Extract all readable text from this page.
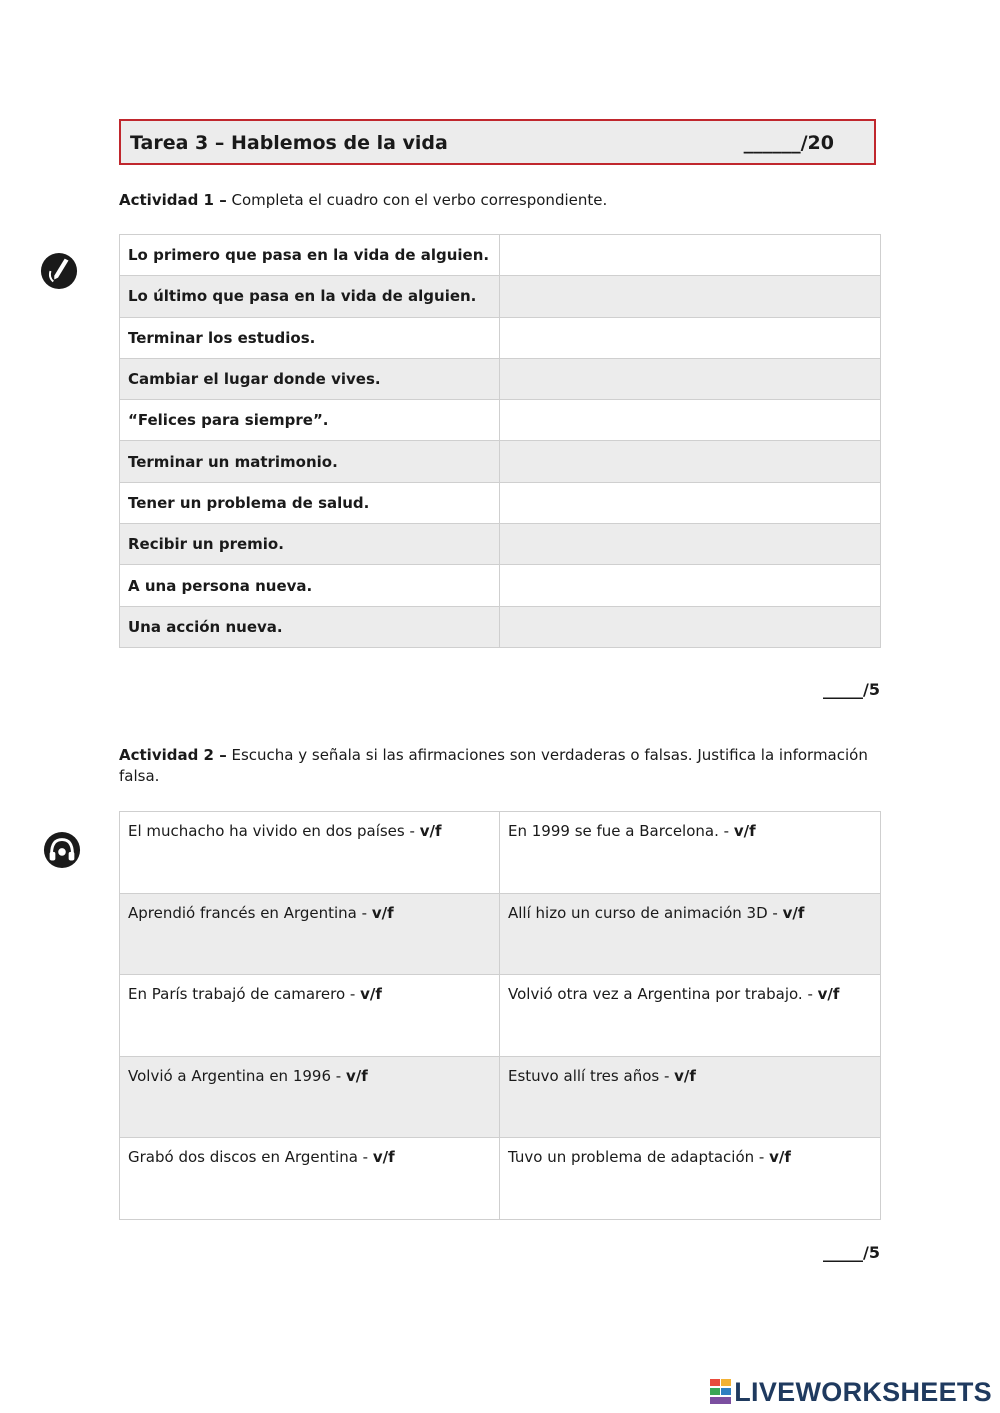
Tarea 3 – Hablemos de la vida	______/20
Actividad 1 – Completa el cuadro con el verbo correspondiente.
Lo primero que pasa en la vida de alguien.	
Lo último que pasa en la vida de alguien.	
Terminar los estudios.	
Cambiar el lugar donde vives.	
“Felices para siempre”.	
Terminar un matrimonio.	
Tener un problema de salud.	
Recibir un premio.	
A una persona nueva.	
Una acción nueva.	
_____/5
Actividad 2 – Escucha y señala si las afirmaciones son verdaderas o falsas. Justifica la información falsa.
El muchacho ha vivido en dos países - v/f	En 1999 se fue a Barcelona. - v/f
Aprendió francés en Argentina - v/f	Allí hizo un curso de animación 3D - v/f
En París trabajó de camarero - v/f	Volvió otra vez a Argentina por trabajo. - v/f
Volvió a Argentina en 1996 - v/f	Estuvo allí tres años - v/f
Grabó dos discos en Argentina - v/f	Tuvo un problema de adaptación - v/f
_____/5
LIVEWORKSHEETS
